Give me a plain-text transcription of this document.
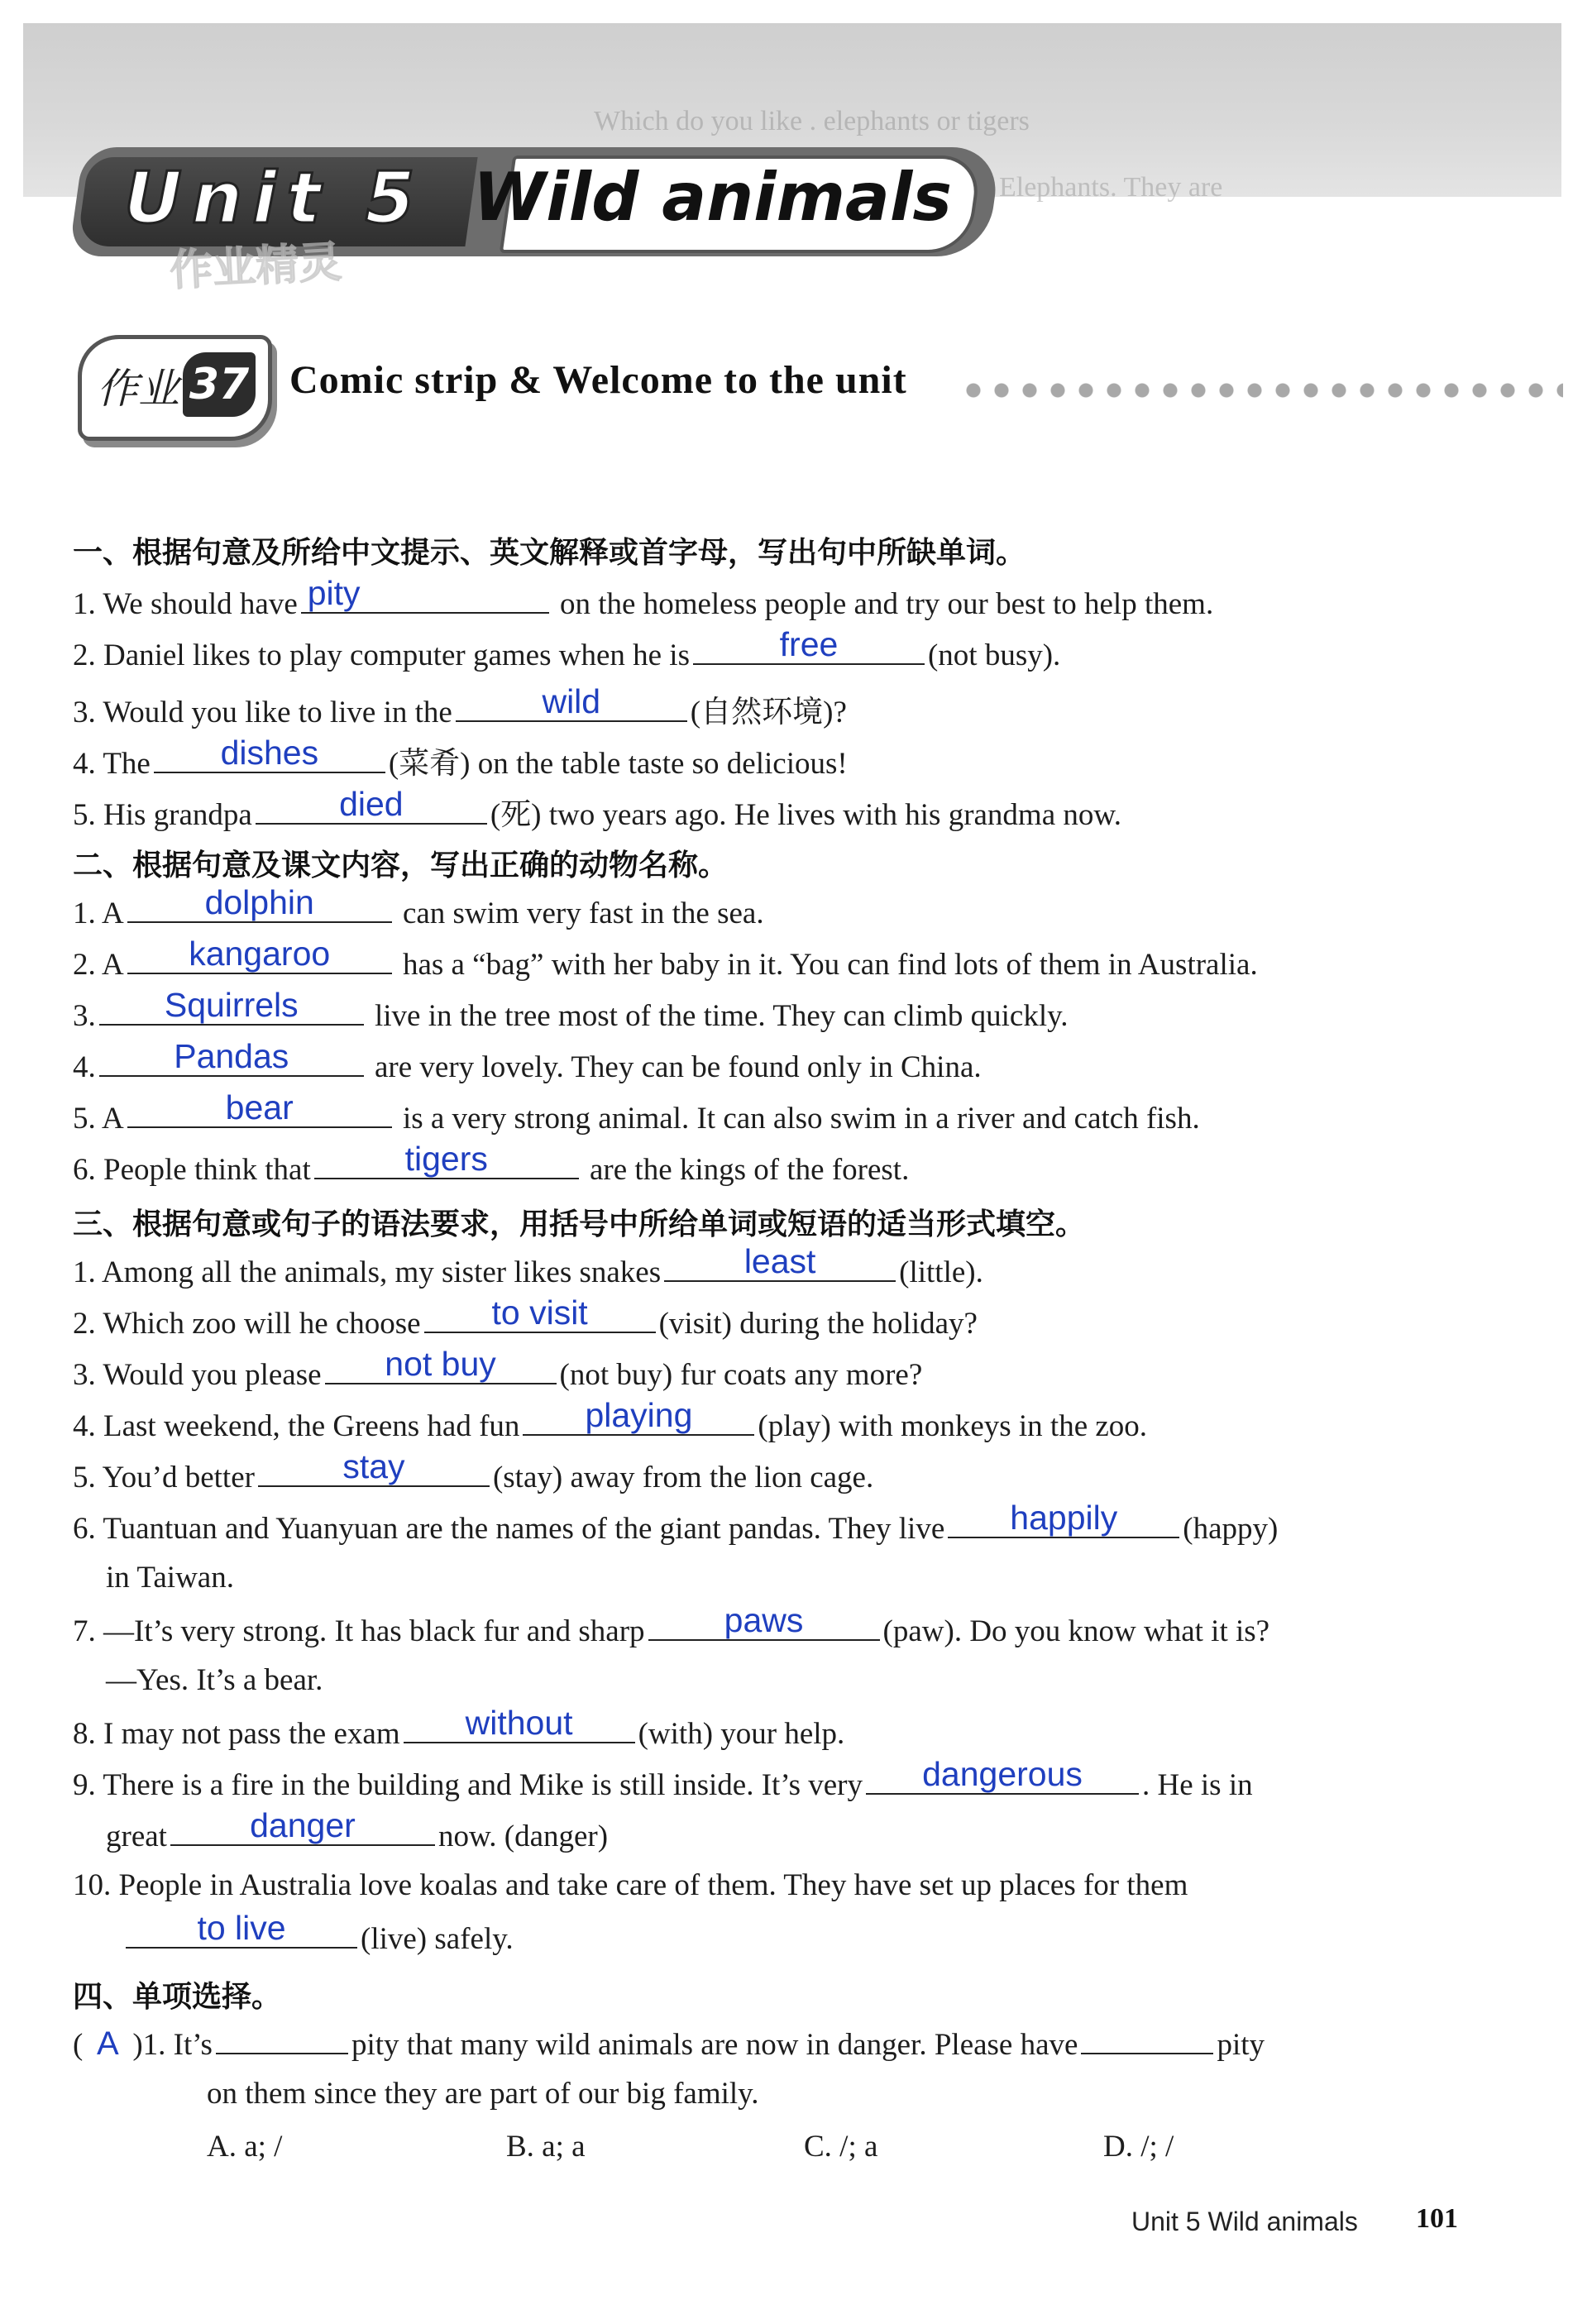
Which do you like . elephants or tigers
Elephants. They are
Unit 5 Wild animals
作业精灵
作业 37 Comic strip & Welcome to the unit
一、根据句意及所给中文提示、英文解释或首字母，写出句中所缺单词。
1. We should have pity	on the homeless people and try our best to help them.
2. Daniel likes to play computer games when he is	free	(not busy).
3. Would you like to live in the	wild	(自然环境)?
4. The	dishes	(菜肴) on the table taste so delicious!
5. His grandpa	died	(死) two years ago. He lives with his grandma now.
二、根据句意及课文内容，写出正确的动物名称。
1. A	dolphin	can swim very fast in the sea.
2. A	kangaroo	has a “bag” with her baby in it. You can find lots of them in Australia.
3.	Squirrels	live in the tree most of the time. They can climb quickly.
4.	Pandas	are very lovely. They can be found only in China.
5. A	bear	is a very strong animal. It can also swim in a river and catch fish.
6. People think that	tigers	are the kings of the forest.
三、根据句意或句子的语法要求，用括号中所给单词或短语的适当形式填空。
1. Among all the animals, my sister likes snakes	least	(little).
2. Which zoo will he choose	to visit	(visit) during the holiday?
3. Would you please	not buy	(not buy) fur coats any more?
4. Last weekend, the Greens had fun	playing	(play) with monkeys in the zoo.
5. You’d better	stay	(stay) away from the lion cage.
6. Tuantuan and Yuanyuan are the names of the giant pandas. They live	happily	(happy)
in Taiwan.
7. —It’s very strong. It has black fur and sharp	paws	(paw). Do you know what it is?
—Yes. It’s a bear.
8. I may not pass the exam	without	(with) your help.
9. There is a fire in the building and Mike is still inside. It’s very	dangerous	. He is in
great	danger	now. (danger)
10. People in Australia love koalas and take care of them. They have set up places for them
to live	(live) safely.
四、单项选择。
( A )1. It’s	pity that many wild animals are now in danger. Please have	pity
on them since they are part of our big family.
A. a; /	B. a; a	C. /; a	D. /; /
Unit 5 Wild animals 101
